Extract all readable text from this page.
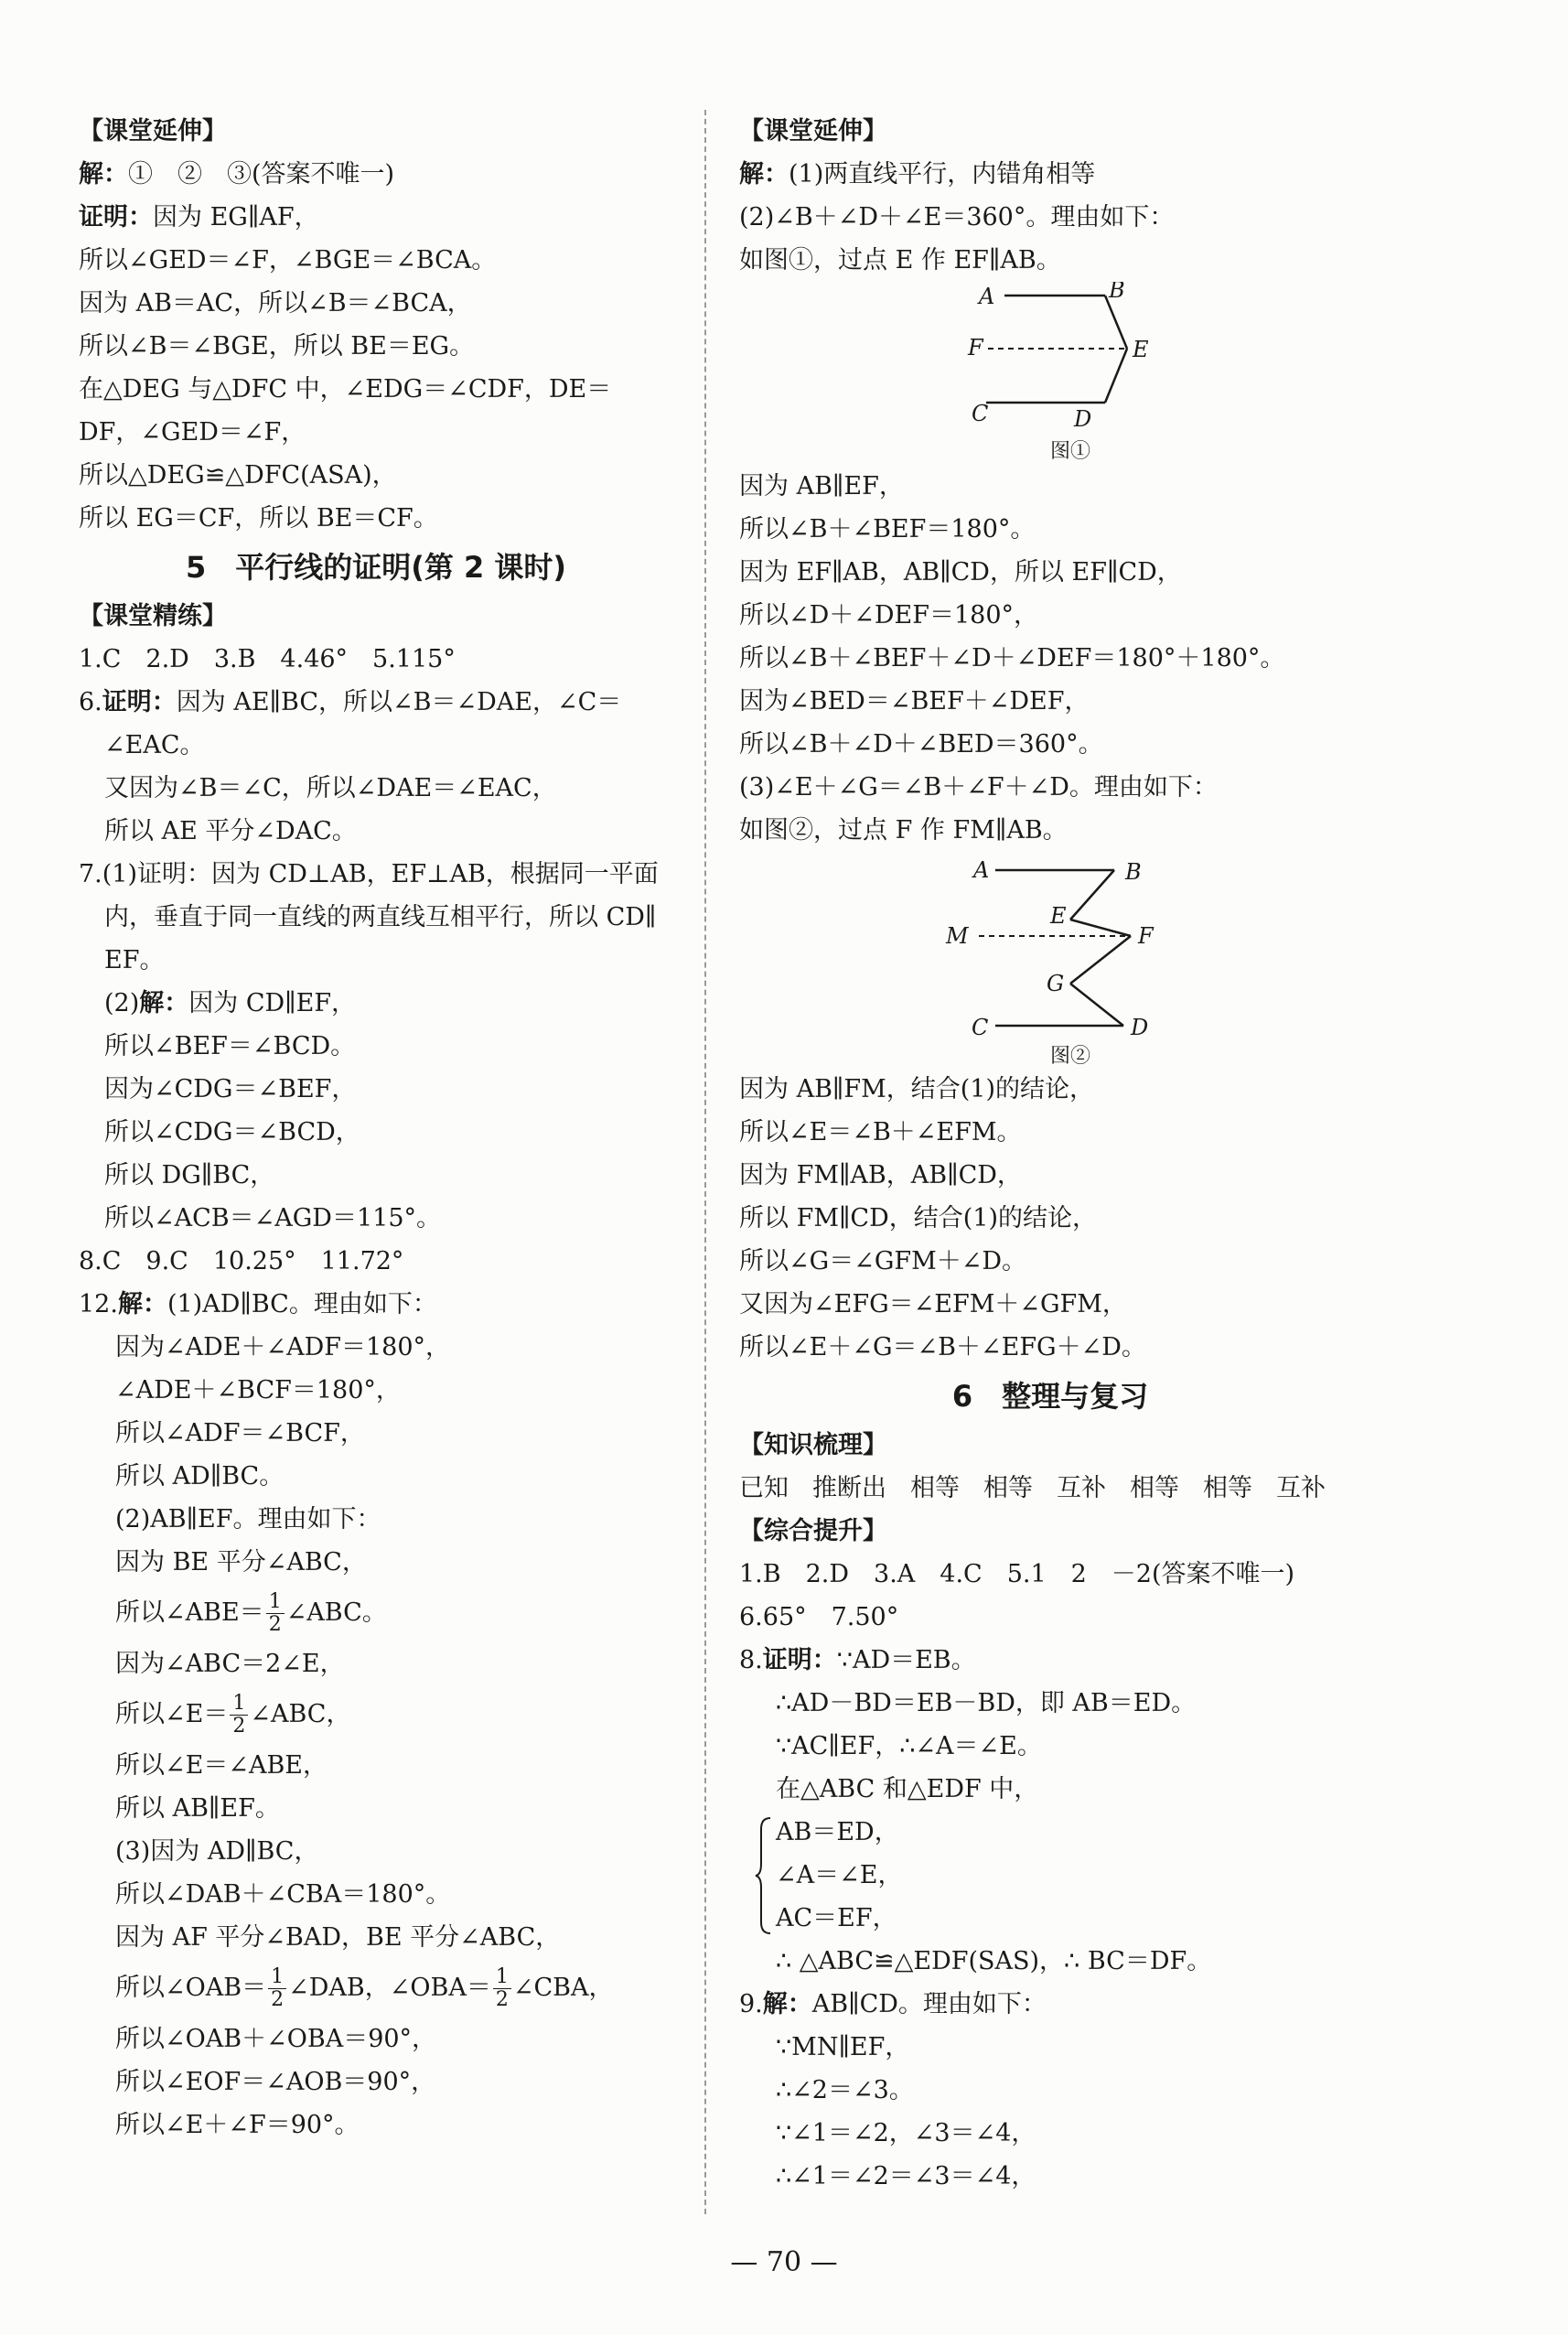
【课堂延伸】
解：①　②　③(答案不唯一)
证明：因为 EG∥AF，
所以∠GED＝∠F，∠BGE＝∠BCA。
因为 AB＝AC，所以∠B＝∠BCA，
所以∠B＝∠BGE，所以 BE＝EG。
在△DEG 与△DFC 中，∠EDG＝∠CDF，DE＝
DF，∠GED＝∠F，
所以△DEG≌△DFC(ASA)，
所以 EG＝CF，所以 BE＝CF。
5　平行线的证明(第 2 课时)
【课堂精练】
1.C　2.D　3.B　4.46°　5.115°
6.证明：因为 AE∥BC，所以∠B＝∠DAE，∠C＝
∠EAC。
又因为∠B＝∠C，所以∠DAE＝∠EAC，
所以 AE 平分∠DAC。
7.(1)证明：因为 CD⊥AB，EF⊥AB，根据同一平面
内，垂直于同一直线的两直线互相平行，所以 CD∥
EF。
(2)解：因为 CD∥EF，
所以∠BEF＝∠BCD。
因为∠CDG＝∠BEF，
所以∠CDG＝∠BCD，
所以 DG∥BC，
所以∠ACB＝∠AGD＝115°。
8.C　9.C　10.25°　11.72°
12.解：(1)AD∥BC。理由如下：
因为∠ADE＋∠ADF＝180°，
∠ADE＋∠BCF＝180°，
所以∠ADF＝∠BCF，
所以 AD∥BC。
(2)AB∥EF。理由如下：
因为 BE 平分∠ABC，
所以∠ABE＝ $\frac{1}{2}$ ∠ABC。
因为∠ABC＝2∠E，
所以∠E＝ $\frac{1}{2}$ ∠ABC，
所以∠E＝∠ABE，
所以 AB∥EF。
(3)因为 AD∥BC，
所以∠DAB＋∠CBA＝180°。
因为 AF 平分∠BAD，BE 平分∠ABC，
所以∠OAB＝ $\frac{1}{2}$ ∠DAB，∠OBA＝ $\frac{1}{2}$ ∠CBA，
所以∠OAB＋∠OBA＝90°，
所以∠EOF＝∠AOB＝90°，
所以∠E＋∠F＝90°。
【课堂延伸】
解：(1)两直线平行，内错角相等
(2)∠B＋∠D＋∠E＝360°。理由如下：
如图①，过点 E 作 EF∥AB。
A	B
F	E
C	D
图①
因为 AB∥EF，
所以∠B＋∠BEF＝180°。
因为 EF∥AB，AB∥CD，所以 EF∥CD，
所以∠D＋∠DEF＝180°，
所以∠B＋∠BEF＋∠D＋∠DEF＝180°＋180°。
因为∠BED＝∠BEF＋∠DEF，
所以∠B＋∠D＋∠BED＝360°。
(3)∠E＋∠G＝∠B＋∠F＋∠D。理由如下：
如图②，过点 F 作 FM∥AB。
A	B
E
M	F
G
C	D
图②
因为 AB∥FM，结合(1)的结论，
所以∠E＝∠B＋∠EFM。
因为 FM∥AB，AB∥CD，
所以 FM∥CD，结合(1)的结论，
所以∠G＝∠GFM＋∠D。
又因为∠EFG＝∠EFM＋∠GFM，
所以∠E＋∠G＝∠B＋∠EFG＋∠D。
6　整理与复习
【知识梳理】
已知 推断出 相等 相等 互补 相等 相等 互补
【综合提升】
1.B　2.D　3.A　4.C　5.1　2　－2(答案不唯一)
6.65°　7.50°
8.证明：∵AD＝EB。
∴AD－BD＝EB－BD，即 AB＝ED。
∵AC∥EF，∴∠A＝∠E。
在△ABC 和△EDF 中，
AB＝ED，
∠A＝∠E，
AC＝EF，
∴ △ABC≌△EDF(SAS)，∴ BC＝DF。
9.解：AB∥CD。理由如下：
∵MN∥EF，
∴∠2＝∠3。
∵∠1＝∠2，∠3＝∠4，
∴∠1＝∠2＝∠3＝∠4，
— 70 —
